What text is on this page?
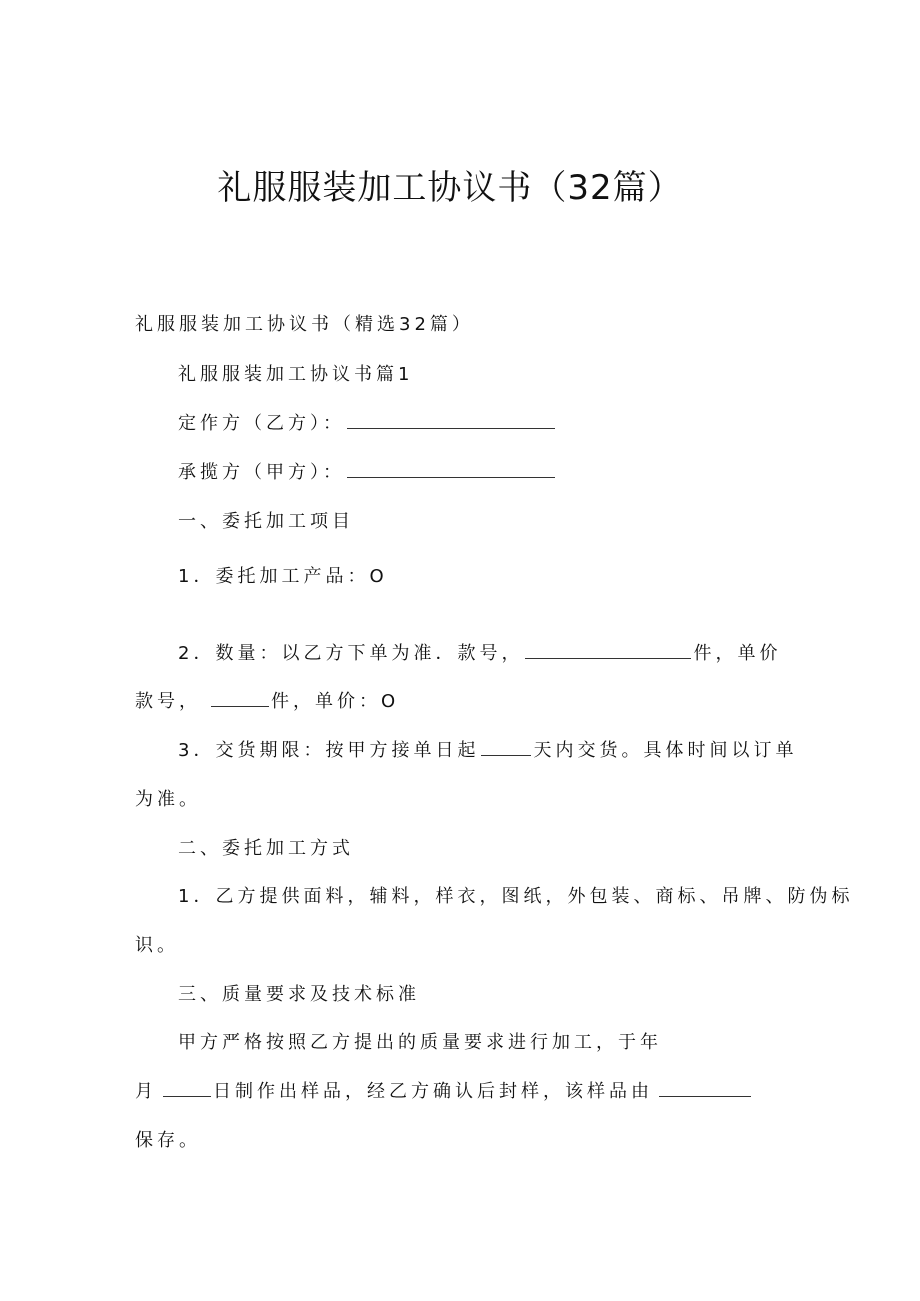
礼服服装加工协议书（32篇）

礼服服装加工协议书（精选32篇）

礼服服装加工协议书篇1

定作方（乙方）：
承揽方（甲方）：

一、委托加工项目

1．委托加工产品：O

2．数量：以乙方下单为准．款号，	件，单价
款号，	件，单价：O
3．交货期限：按甲方接单日起	天内交货。具体时间以订单

为准。

二、委托加工方式

1．乙方提供面料，辅料，样衣，图纸，外包装、商标、吊牌、防伪标

识。

三、质量要求及技术标准

甲方严格按照乙方提出的质量要求进行加工，于年

月	日制作出样品，经乙方确认后封样，该样品由

保存。
